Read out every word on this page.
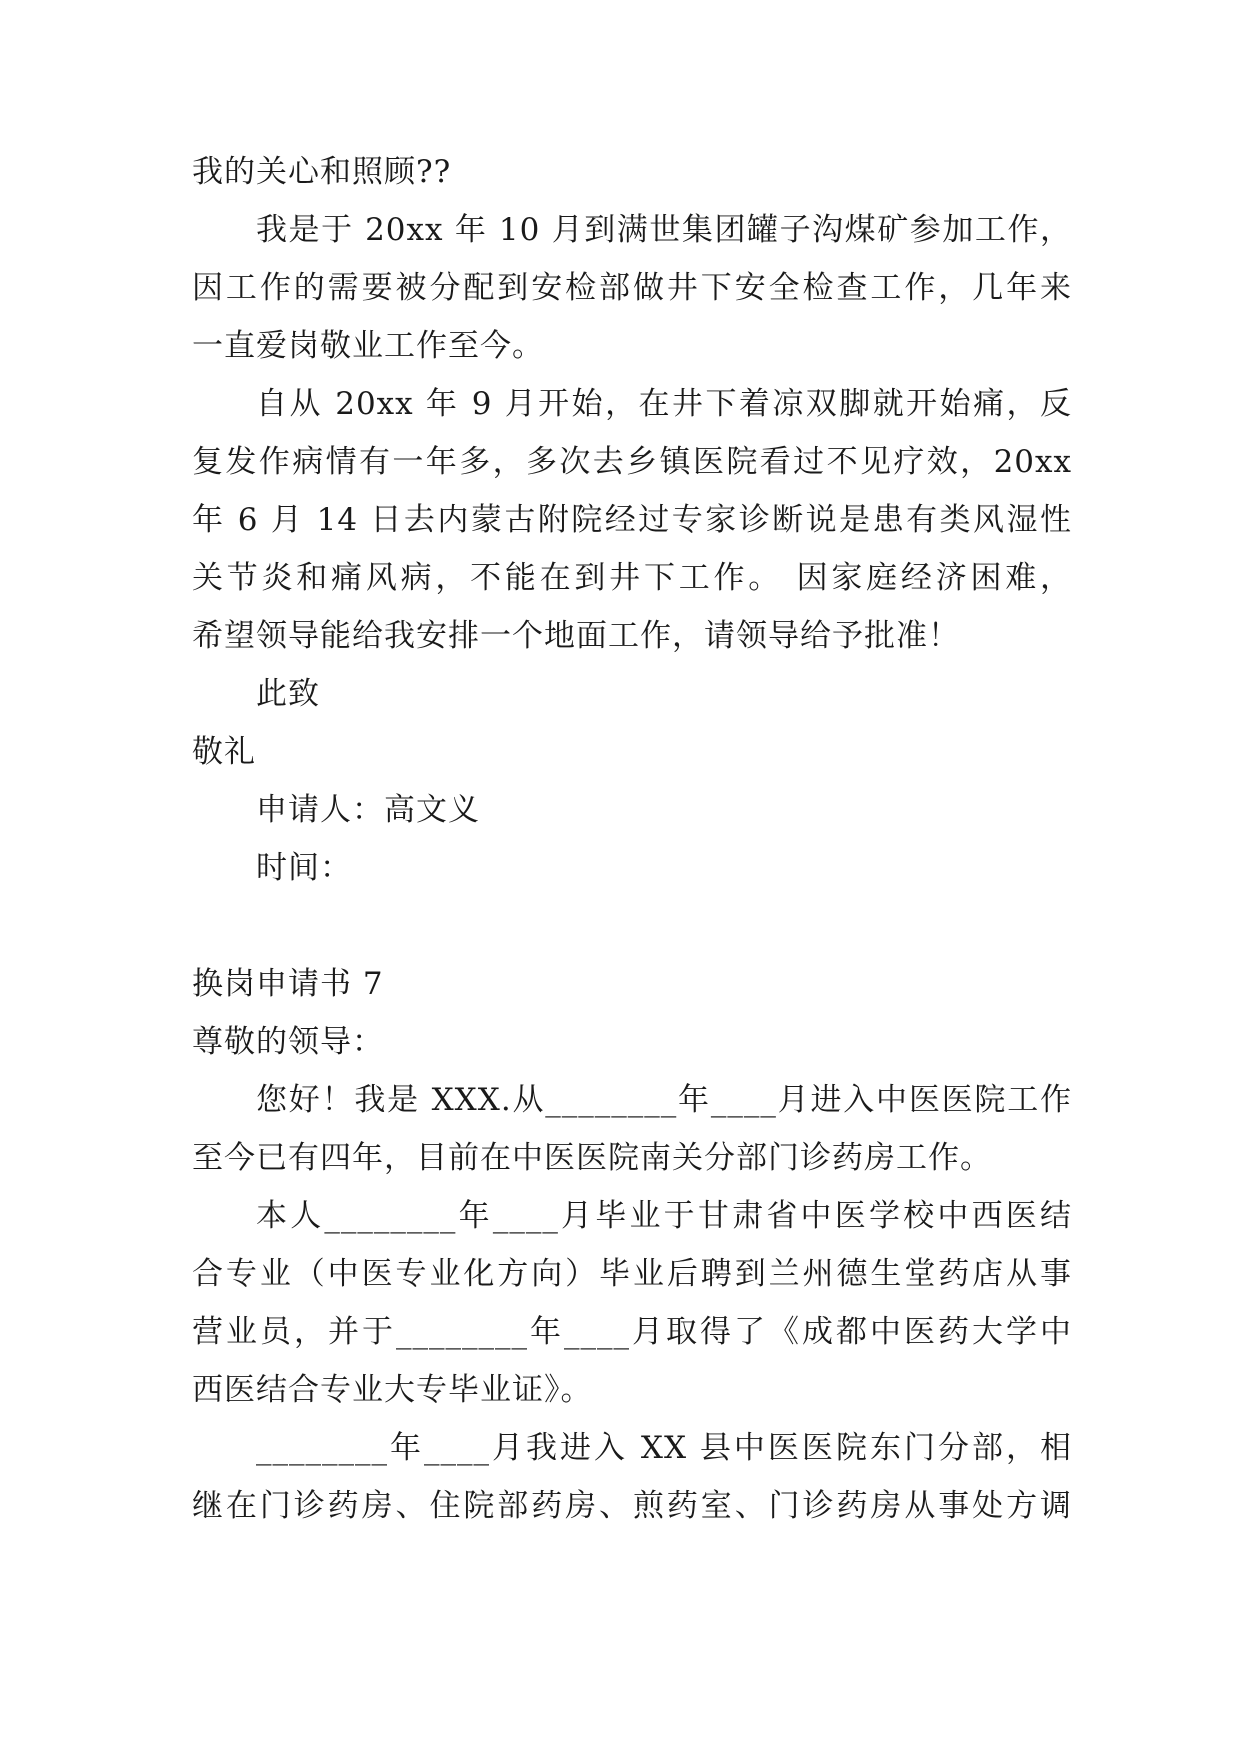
我的关心和照顾??
我是于 20xx 年 10 月到满世集团罐子沟煤矿参加工作，
因工作的需要被分配到安检部做井下安全检查工作，几年来
一直爱岗敬业工作至今。
自从 20xx 年 9 月开始，在井下着凉双脚就开始痛，反
复发作病情有一年多，多次去乡镇医院看过不见疗效，20xx
年 6 月 14 日去内蒙古附院经过专家诊断说是患有类风湿性
关节炎和痛风病，不能在到井下工作。 因家庭经济困难，
希望领导能给我安排一个地面工作，请领导给予批准！
此致
敬礼
申请人：高文义
时间：
换岗申请书 7
尊敬的领导：
您好！我是 XXX.从________年____月进入中医医院工作
至今已有四年，目前在中医医院南关分部门诊药房工作。
本人________年____月毕业于甘肃省中医学校中西医结
合专业（中医专业化方向）毕业后聘到兰州德生堂药店从事
营业员，并于________年____月取得了《成都中医药大学中
西医结合专业大专毕业证》。
________年____月我进入 XX 县中医医院东门分部，相
继在门诊药房、住院部药房、煎药室、门诊药房从事处方调
